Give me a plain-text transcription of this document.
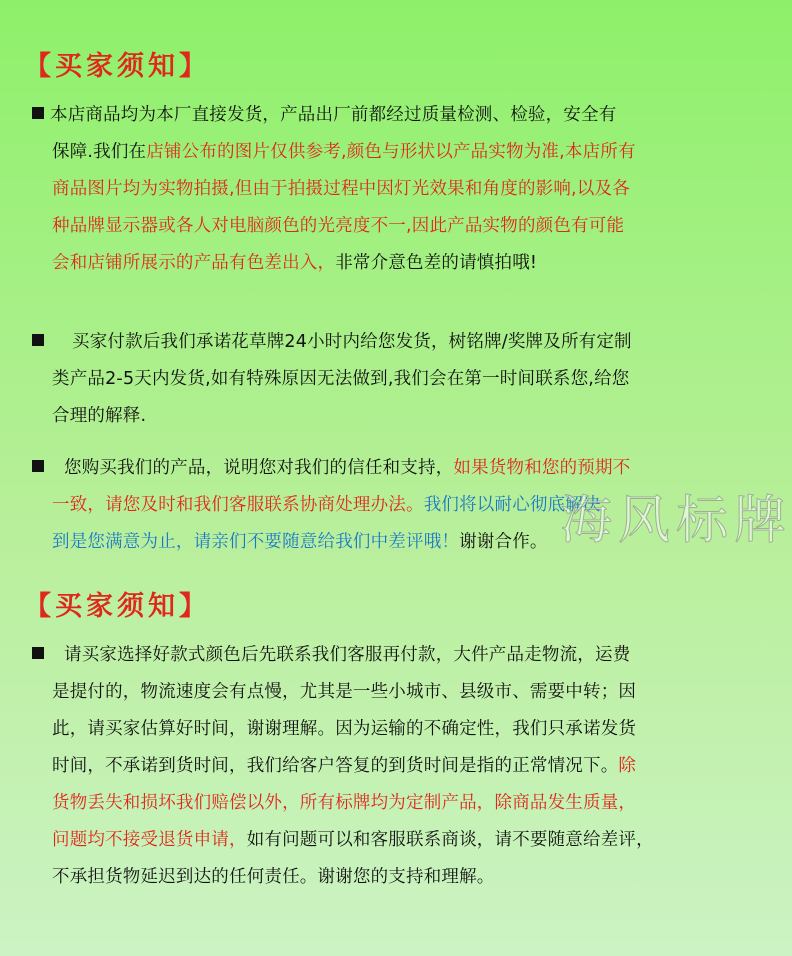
【买家须知】
本店商品均为本厂直接发货，产品出厂前都经过质量检测、检验，安全有
保障.我们在店铺公布的图片仅供参考,颜色与形状以产品实物为准,本店所有
商品图片均为实物拍摄,但由于拍摄过程中因灯光效果和角度的影响,以及各
种品牌显示器或各人对电脑颜色的光亮度不一,因此产品实物的颜色有可能
会和店铺所展示的产品有色差出入，非常介意色差的请慎拍哦!
买家付款后我们承诺花草牌24小时内给您发货，树铭牌/奖牌及所有定制
类产品2-5天内发货,如有特殊原因无法做到,我们会在第一时间联系您,给您
合理的解释.
您购买我们的产品，说明您对我们的信任和支持，如果货物和您的预期不
一致，请您及时和我们客服联系协商处理办法。我们将以耐心彻底解决
到是您满意为止，请亲们不要随意给我们中差评哦！谢谢合作。 海风标牌
【买家须知】
请买家选择好款式颜色后先联系我们客服再付款，大件产品走物流，运费
是提付的，物流速度会有点慢，尤其是一些小城市、县级市、需要中转；因
此，请买家估算好时间，谢谢理解。因为运输的不确定性，我们只承诺发货
时间，不承诺到货时间，我们给客户答复的到货时间是指的正常情况下。除
货物丢失和损坏我们赔偿以外，所有标牌均为定制产品，除商品发生质量，
问题均不接受退货申请，如有问题可以和客服联系商谈，请不要随意给差评，
不承担货物延迟到达的任何责任。谢谢您的支持和理解。
